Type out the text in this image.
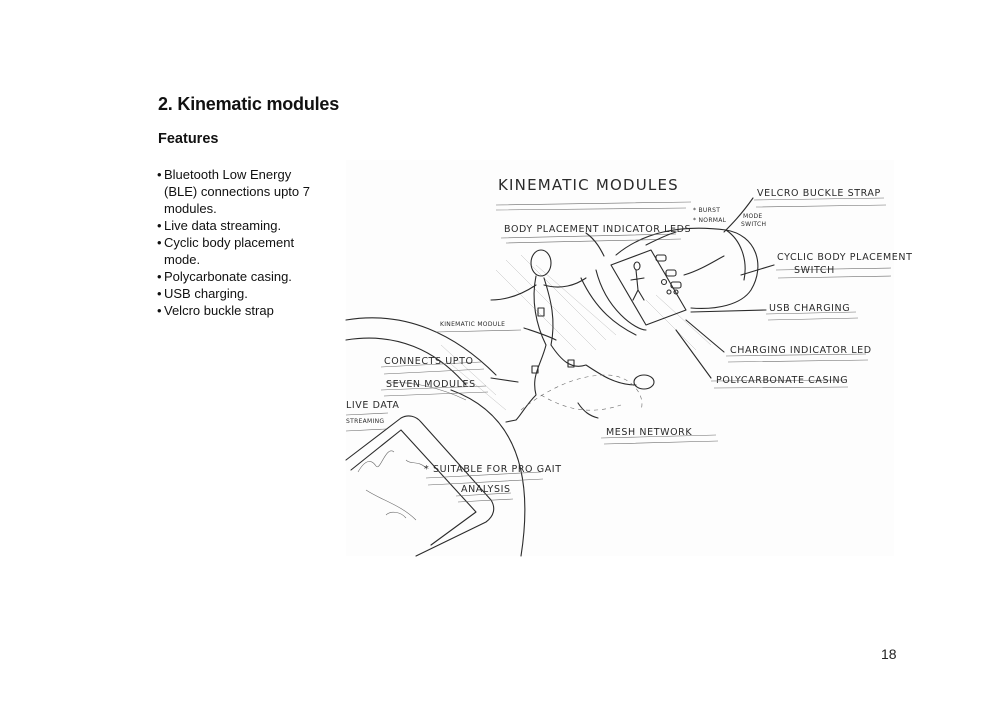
2. Kinematic modules
Features
• Bluetooth Low Energy (BLE) connections upto 7 modules.
• Live data streaming.
• Cyclic body placement mode.
• Polycarbonate casing.
• USB charging.
• Velcro buckle strap
KINEMATIC MODULES	VELCRO BUCKLE STRAP
* BURST
* NORMAL
MODE
SWITCH
BODY PLACEMENT INDICATOR LEDS
CYCLIC BODY PLACEMENT
SWITCH
USB CHARGING
KINEMATIC MODULE
CHARGING INDICATOR LED
CONNECTS UPTO
SEVEN MODULES	POLYCARBONATE CASING
LIVE DATA
STREAMING
MESH NETWORK
* SUITABLE FOR PRO GAIT
ANALYSIS
18
